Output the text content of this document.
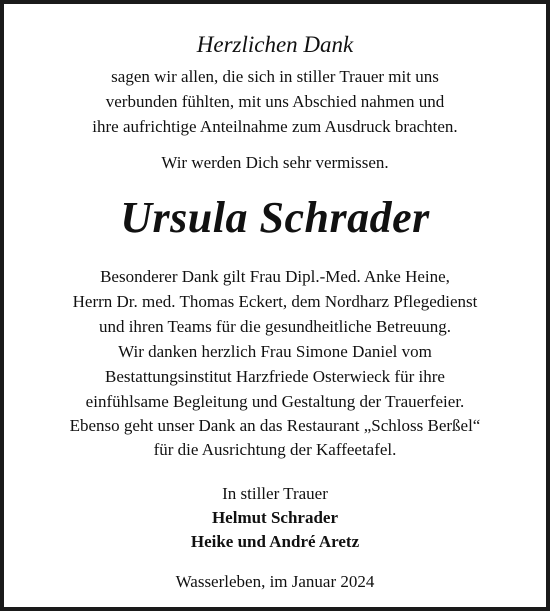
Herzlichen Dank
sagen wir allen, die sich in stiller Trauer mit uns
verbunden fühlten, mit uns Abschied nahmen und
ihre aufrichtige Anteilnahme zum Ausdruck brachten.
Wir werden Dich sehr vermissen.
Ursula Schrader
Besonderer Dank gilt Frau Dipl.-Med. Anke Heine,
Herrn Dr. med. Thomas Eckert, dem Nordharz Pflegedienst
und ihren Teams für die gesundheitliche Betreuung.
Wir danken herzlich Frau Simone Daniel vom
Bestattungsinstitut Harzfriede Osterwieck für ihre
einfühlsame Begleitung und Gestaltung der Trauerfeier.
Ebenso geht unser Dank an das Restaurant „Schloss Berßel“
für die Ausrichtung der Kaffeetafel.
In stiller Trauer
Helmut Schrader
Heike und André Aretz
Wasserleben, im Januar 2024
